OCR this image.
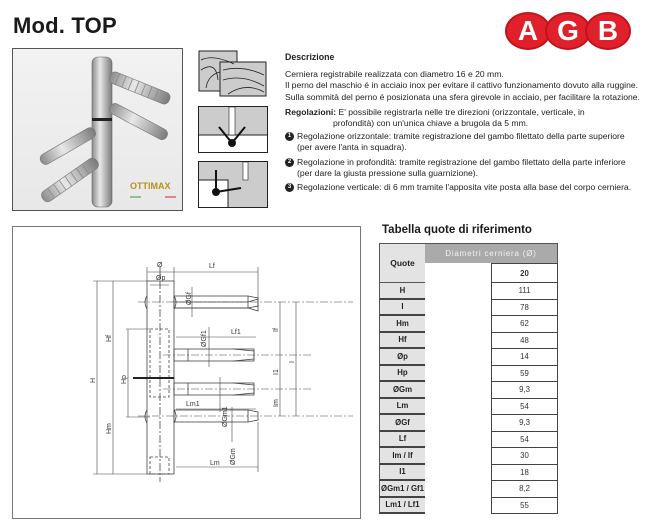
Mod. TOP	A G B
OTTIMAX
Descrizione

Cerniera registrabile realizzata con diametro 16 e 20 mm.
Il perno del maschio é in acciaio inox per evitare il cattivo funzionamento dovuto alla ruggine. Sulla sommità del perno é posizionata una sfera girevole in acciaio, per facilitare la rotazione.

Regolazioni: E' possibile registrarla nelle tre direzioni (orizzontale, verticale, in
profondità) con un'unica chiave a brugola da 5 mm.

1 Regolazione orizzontale: tramite registrazione del gambo filettato della parte superiore (per avere l'anta in squadra).
2 Regolazione in profondità: tramite registrazione del gambo filettato della parte inferiore (per dare la giusta pressione sulla guarnizione).
3 Regolazione verticale: di 6 mm tramite l'apposita vite posta alla base del corpo cerniera.
Ø
Øp
Lf
ØGf
ØGf1	Lf1
H
Hf
Hp
Hm
Lm1
ØGm1
Lm ØGm
If
I1
I
Im
Tabella quote di riferimento
Quote
Diametri cerniera (Ø)
20
H	111
I	78
Hm	62
Hf	48
Øp	14
Hp	59
ØGm	9,3
Lm	54
ØGf	9,3
Lf	54
Im / If	30
I1	18
ØGm1 / Gf1	8,2
Lm1 / Lf1	55
